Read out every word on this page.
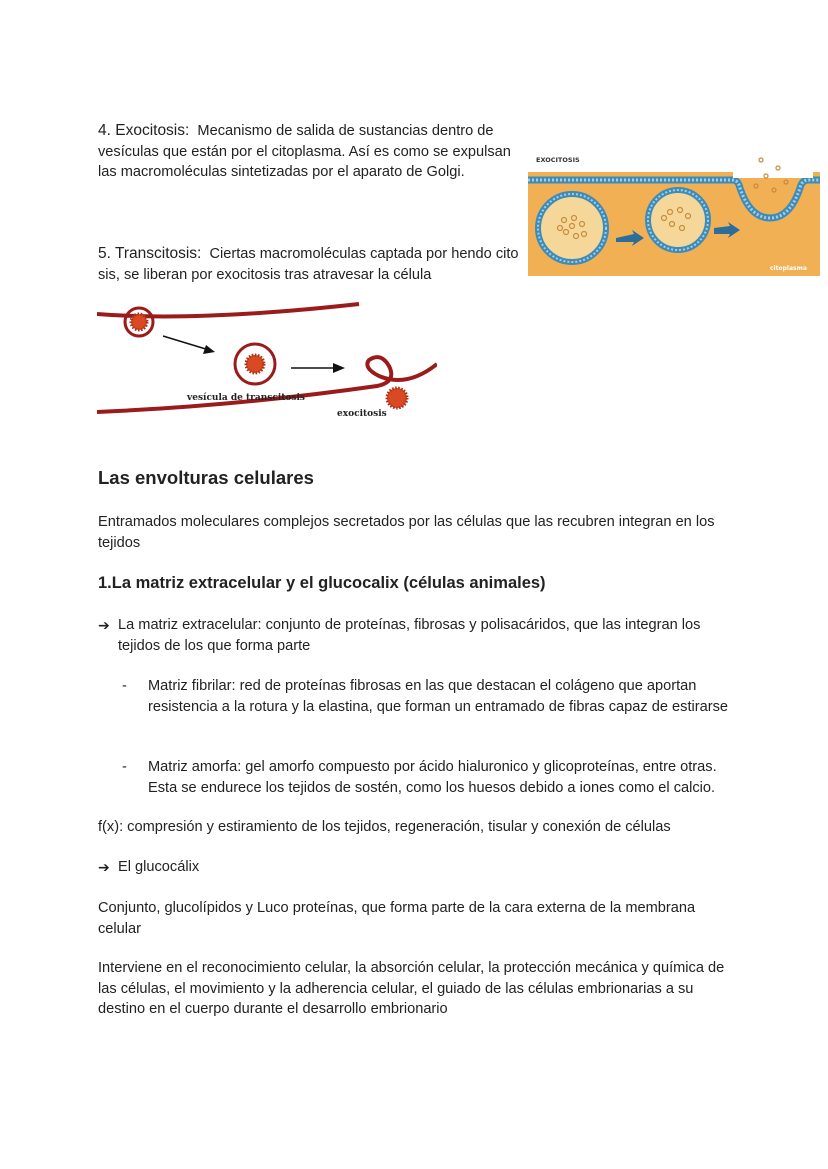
4. Exocitosis: Mecanismo de salida de sustancias dentro de vesículas que están por el citoplasma. Así es como se expulsan las macromoléculas sintetizadas por el aparato de Golgi.

EXOCITOSIS
citoplasma

5. Transcitosis: Ciertas macromoléculas captada por hendo cito sis, se liberan por exocitosis tras atravesar la célula

vesícula de transcitosis
exocitosis
Las envolturas celulares

Entramados moleculares complejos secretados por las células que las recubren integran en los tejidos

1.La matriz extracelular y el glucocalix (células animales)
➔ La matriz extracelular: conjunto de proteínas, fibrosas y polisacáridos, que las integran los tejidos de los que forma parte
-	Matriz fibrilar: red de proteínas fibrosas en las que destacan el colágeno que aportan resistencia a la rotura y la elastina, que forman un entramado de fibras capaz de estirarse
-	Matriz amorfa: gel amorfo compuesto por ácido hialuronico y glicoproteínas, entre otras. Esta se endurece los tejidos de sostén, como los huesos debido a iones como el calcio.

f(x): compresión y estiramiento de los tejidos, regeneración, tisular y conexión de células

➔ El glucocálix

Conjunto, glucolípidos y Luco proteínas, que forma parte de la cara externa de la membrana celular

Interviene en el reconocimiento celular, la absorción celular, la protección mecánica y química de las células, el movimiento y la adherencia celular, el guiado de las células embrionarias a su destino en el cuerpo durante el desarrollo embrionario
